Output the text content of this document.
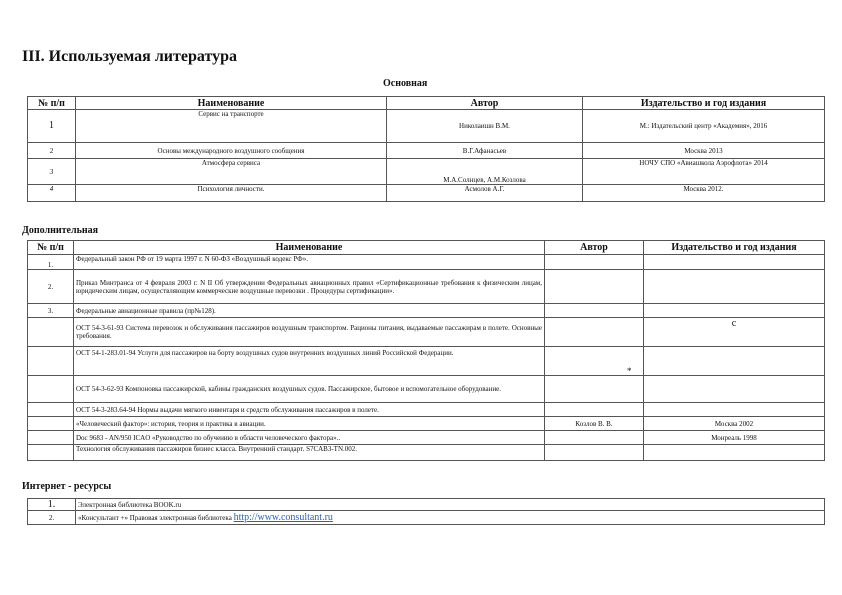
III. Используемая литература
Основная
№ п/п	Наименование	Автор	Издательство и год издания
1	Сервис на транспорте	Николаишн В.М.	М.: Издательский центр «Академия», 2016
2	Основы международного воздушного сообщения	В.Г.Афанасьев	Москва 2013
3	Атмосфера сервиса	М.А.Солнцев, А.М.Козлова	НОЧУ СПО «Авиашкола Аэрофлота» 2014
4	Психология личности.	Асмолов А.Г.	Москва 2012.
Дополнительная
№ п/п	Наименование	Автор	Издательство и год издания
1.	Федеральный закон РФ от 19 марта 1997 г. N 60-ФЗ «Воздушный кодекс РФ».		
2.	Приказ Минтранса от 4 февраля 2003 г. N II Об утверждении Федеральных авиационных правил «Сертификационные требования к физическим лицам, юридическим лицам, осуществляющим коммерческие воздушные перевозки . Процедуры сертификации».		
3.	Федеральные авиационные правила (пр№128).		
	ОСТ 54-3-61-93 Система перевозок и обслуживания пассажиров воздушным транспортом. Рационы питания, выдаваемые пассажирам в полете. Основные требования.		с
	ОСТ 54-1-283.01-94 Услуги для пассажиров на борту воздушных судов внутренних воздушных линий Российской Федерации.		
	ОСТ 54-3-62-93 Компоновка пассажирской, кабины гражданских воздушных судов. Пассажирское, бытовое и вспомогательное оборудование.		
	ОСТ 54-3-283.64-94 Нормы выдачи мягкого инвентаря и средств обслуживания пассажиров в полете.		
	«Человеческий фактор»: история, теория и практика в авиации.	Козлов В. В.	Москва 2002
	Doc 9683 - AN/950 ICAO «Руководство по обучению в области человеческого фактора»..		Монреаль 1998
	Технология обслуживания пассажиров бизнес класса. Внутренний стандарт. S7CAB3-TN.002.		
*
Интернет - ресурсы
1.	Электронная библиотека BOOK.ru
2.	«Консультант +» Правовая электронная библиотека http://www.consultant.ru
